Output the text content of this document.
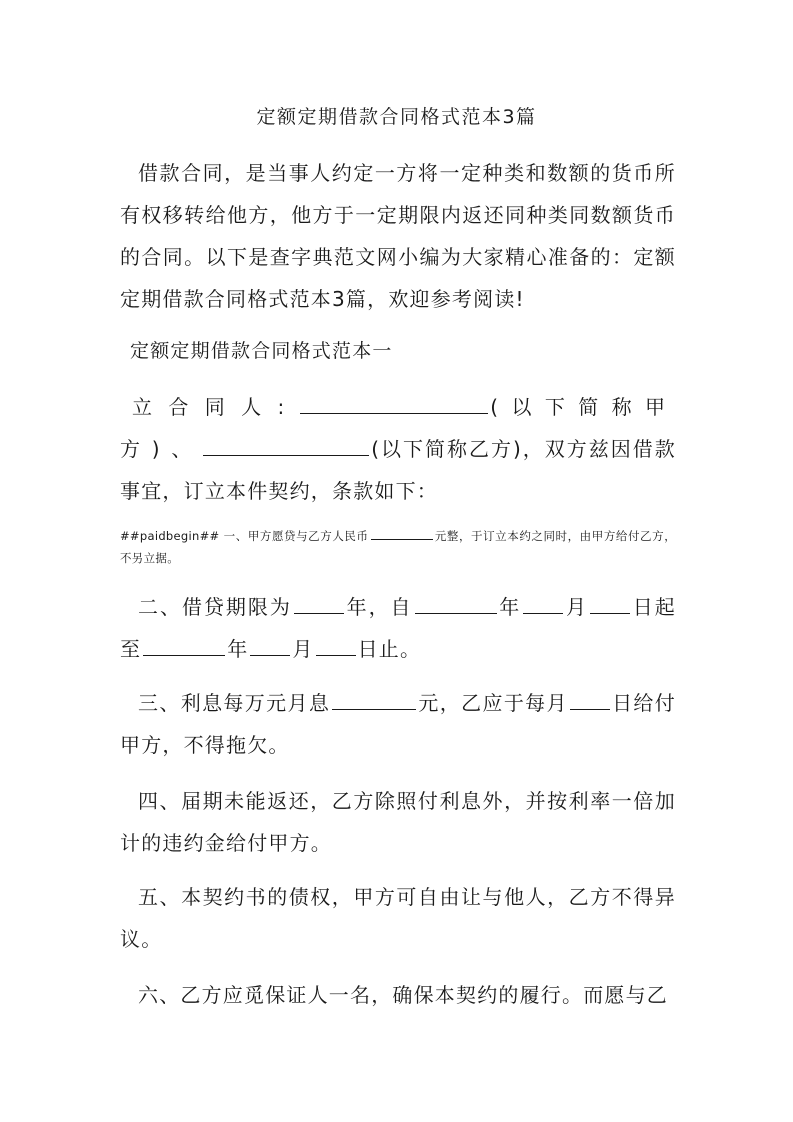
定额定期借款合同格式范本3篇

借款合同，是当事人约定一方将一定种类和数额的货币所有权移转给他方，他方于一定期限内返还同种类同数额货币的合同。以下是查字典范文网小编为大家精心准备的：定额定期借款合同格式范本3篇，欢迎参考阅读!

定额定期借款合同格式范本一

立合同人:	(以下简称甲方)、	(以下简称乙方)，双方兹因借款事宜，订立本件契约，条款如下：

##paidbegin## 一、甲方愿贷与乙方人民币	元整，于订立本约之同时，由甲方给付乙方，不另立据。

二、借贷期限为	年，自	年 月 日起至	年 月 日止。

三、利息每万元月息	元，乙应于每月 日给付甲方，不得拖欠。

四、届期未能返还，乙方除照付利息外，并按利率一倍加计的违约金给付甲方。

五、本契约书的债权，甲方可自由让与他人，乙方不得异议。

六、乙方应觅保证人一名，确保本契约的履行。而愿与乙
